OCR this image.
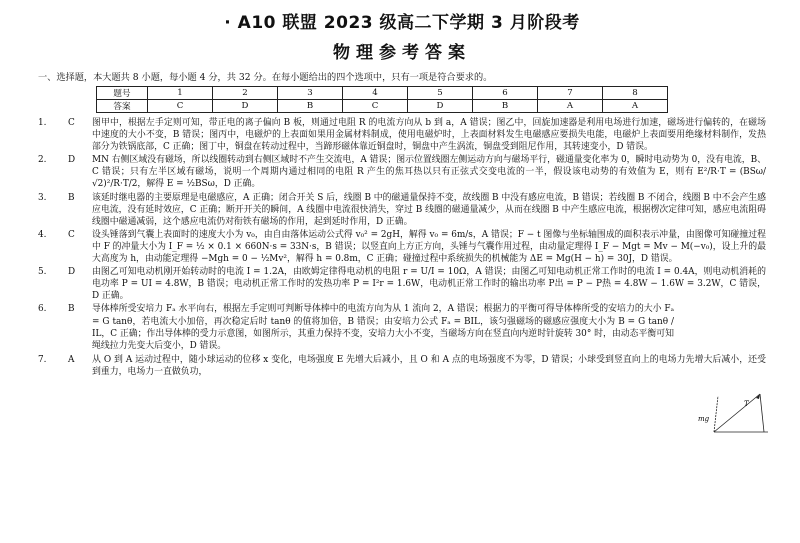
· A10 联盟 2023 级高二下学期 3 月阶段考
物理参考答案
一、选择题，本大题共 8 小题，每小题 4 分，共 32 分。在每小题给出的四个选项中，只有一项是符合要求的。
题号	1	2	3	4	5	6	7	8
答案	C	D	B	C	D	B	A	A
1. C	图甲中，根据左手定则可知，带正电的离子偏向 B 板，则通过电阻 R 的电流方向从 b 到 a，A 错误；图乙中，回旋加速器是利用电场进行加速，磁场进行偏转的，在磁场中速度的大小不变，B 错误；图丙中，电磁炉的上表面如果用金属材料制成，使用电磁炉时，上表面材料发生电磁感应要损失电能，电磁炉上表面要用绝缘材料制作，发热部分为铁锅底部，C 正确；图丁中，铜盘在转动过程中，当蹄形磁体靠近铜盘时，铜盘中产生涡流，铜盘受到阻尼作用，其转速变小，D 错误。
2. D	MN 右侧区域没有磁场，所以线圈转动到右侧区域时不产生交流电，A 错误；图示位置线圈左侧运动方向与磁场平行，磁通量变化率为 0，瞬时电动势为 0，没有电流，B、C 错误；只有左半区域有磁场，说明一个周期内通过相同的电阻 R 产生的焦耳热以只有正弦式交变电流的一半，假设该电动势的有效值为 E，则有 E²/R·T = (BSω/√2)²/R·T/2，解得 E = ½BSω，D 正确。
3. B	该延时继电器的主要原理是电磁感应，A 正确；闭合开关 S 后，线圈 B 中的磁通量保持不变，故线圈 B 中没有感应电流，B 错误；若线圈 B 不闭合，线圈 B 中不会产生感应电流，没有延时效应，C 正确；断开开关的瞬间，A 线圈中电流很快消失，穿过 B 线圈的磁通量减少，从而在线圈 B 中产生感应电流，根据楞次定律可知，感应电流阻碍线圈中磁通减弱，这个感应电流仍对衔铁有磁场的作用，起到延时作用，D 正确。
4. C	设头锤落到气囊上表面时的速度大小为 v₀，由自由落体运动公式得 v₀² = 2gH，解得 v₀ = 6m/s，A 错误；F − t 图像与坐标轴围成的面积表示冲量，由图像可知碰撞过程中 F 的冲量大小为 I_F = ½ × 0.1 × 660N·s = 33N·s，B 错误；以竖直向上方正方向，头锤与气囊作用过程，由动量定理得 I_F − Mgt = Mv − M(−v₀)，设上升的最大高度为 h，由动能定理得 −Mgh = 0 − ½Mv²，解得 h = 0.8m，C 正确；碰撞过程中系统损失的机械能为 ΔE = Mg(H − h) = 30J，D 错误。
5. D	由图乙可知电动机刚开始转动时的电流 I = 1.2A，由欧姆定律得电动机的电阻 r = U/I = 10Ω，A 错误；由图乙可知电动机正常工作时的电流 I = 0.4A，则电动机消耗的电功率 P = UI = 4.8W，B 错误；电动机正常工作时的发热功率 P = I²r = 1.6W，电动机正常工作时的输出功率 P出 = P − P热 = 4.8W − 1.6W = 3.2W，C 错误，D 正确。
6. B	导体棒所受安培力 Fₐ 水平向右，根据左手定则可判断导体棒中的电流方向为从 1 流向 2，A 错误；根据力的平衡可得导体棒所受的安培力的大小 Fₐ = G tanθ，若电流大小加倍，再次稳定后时 tanθ 的值将加倍，B 错误；由安培力公式 Fₐ = BIL，该匀强磁场的磁感应强度大小为 B = G tanθ / IL，C 正确；作出导体棒的受力示意图，如图所示，其重力保持不变，安培力大小不变，当磁场方向在竖直向内逆时针旋转 30° 时，由动态平衡可知绳线拉力先变大后变小，D 错误。
7. A	从 O 到 A 运动过程中，随小球运动的位移 x 变化，电场强度 E 先增大后减小，且 O 和 A 点的电场强度不为零，D 错误；小球受到竖直向上的电场力先增大后减小，还受到重力，电场力一直做负功，
T
mg
